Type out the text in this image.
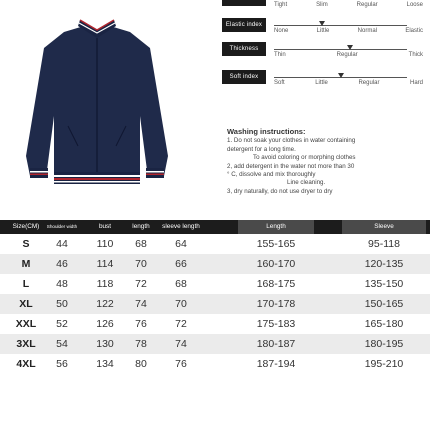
Tight	Slim	Regular	Loose
Elastic index
None	Little	Normal	Elastic
Thickness index
Thin	Regular	Thick
Soft index
Soft	Little	Regular	Hard
Washing instructions:
1. Do not soak your clothes in water containing
detergent for a long time.
To avoid coloring or morphing clothes
2, add detergent in the water not more than 30
° C, dissolve and mix thoroughly
Line cleaning.
3, dry naturally, do not use dryer to dry
Size(CM)	Shoulder width	bust	length	sleeve length	Length	Sleeve
S	44	110	68	64	155-165	95-118
M	46	114	70	66	160-170	120-135
L	48	118	72	68	168-175	135-150
XL	50	122	74	70	170-178	150-165
XXL	52	126	76	72	175-183	165-180
3XL	54	130	78	74	180-187	180-195
4XL	56	134	80	76	187-194	195-210
